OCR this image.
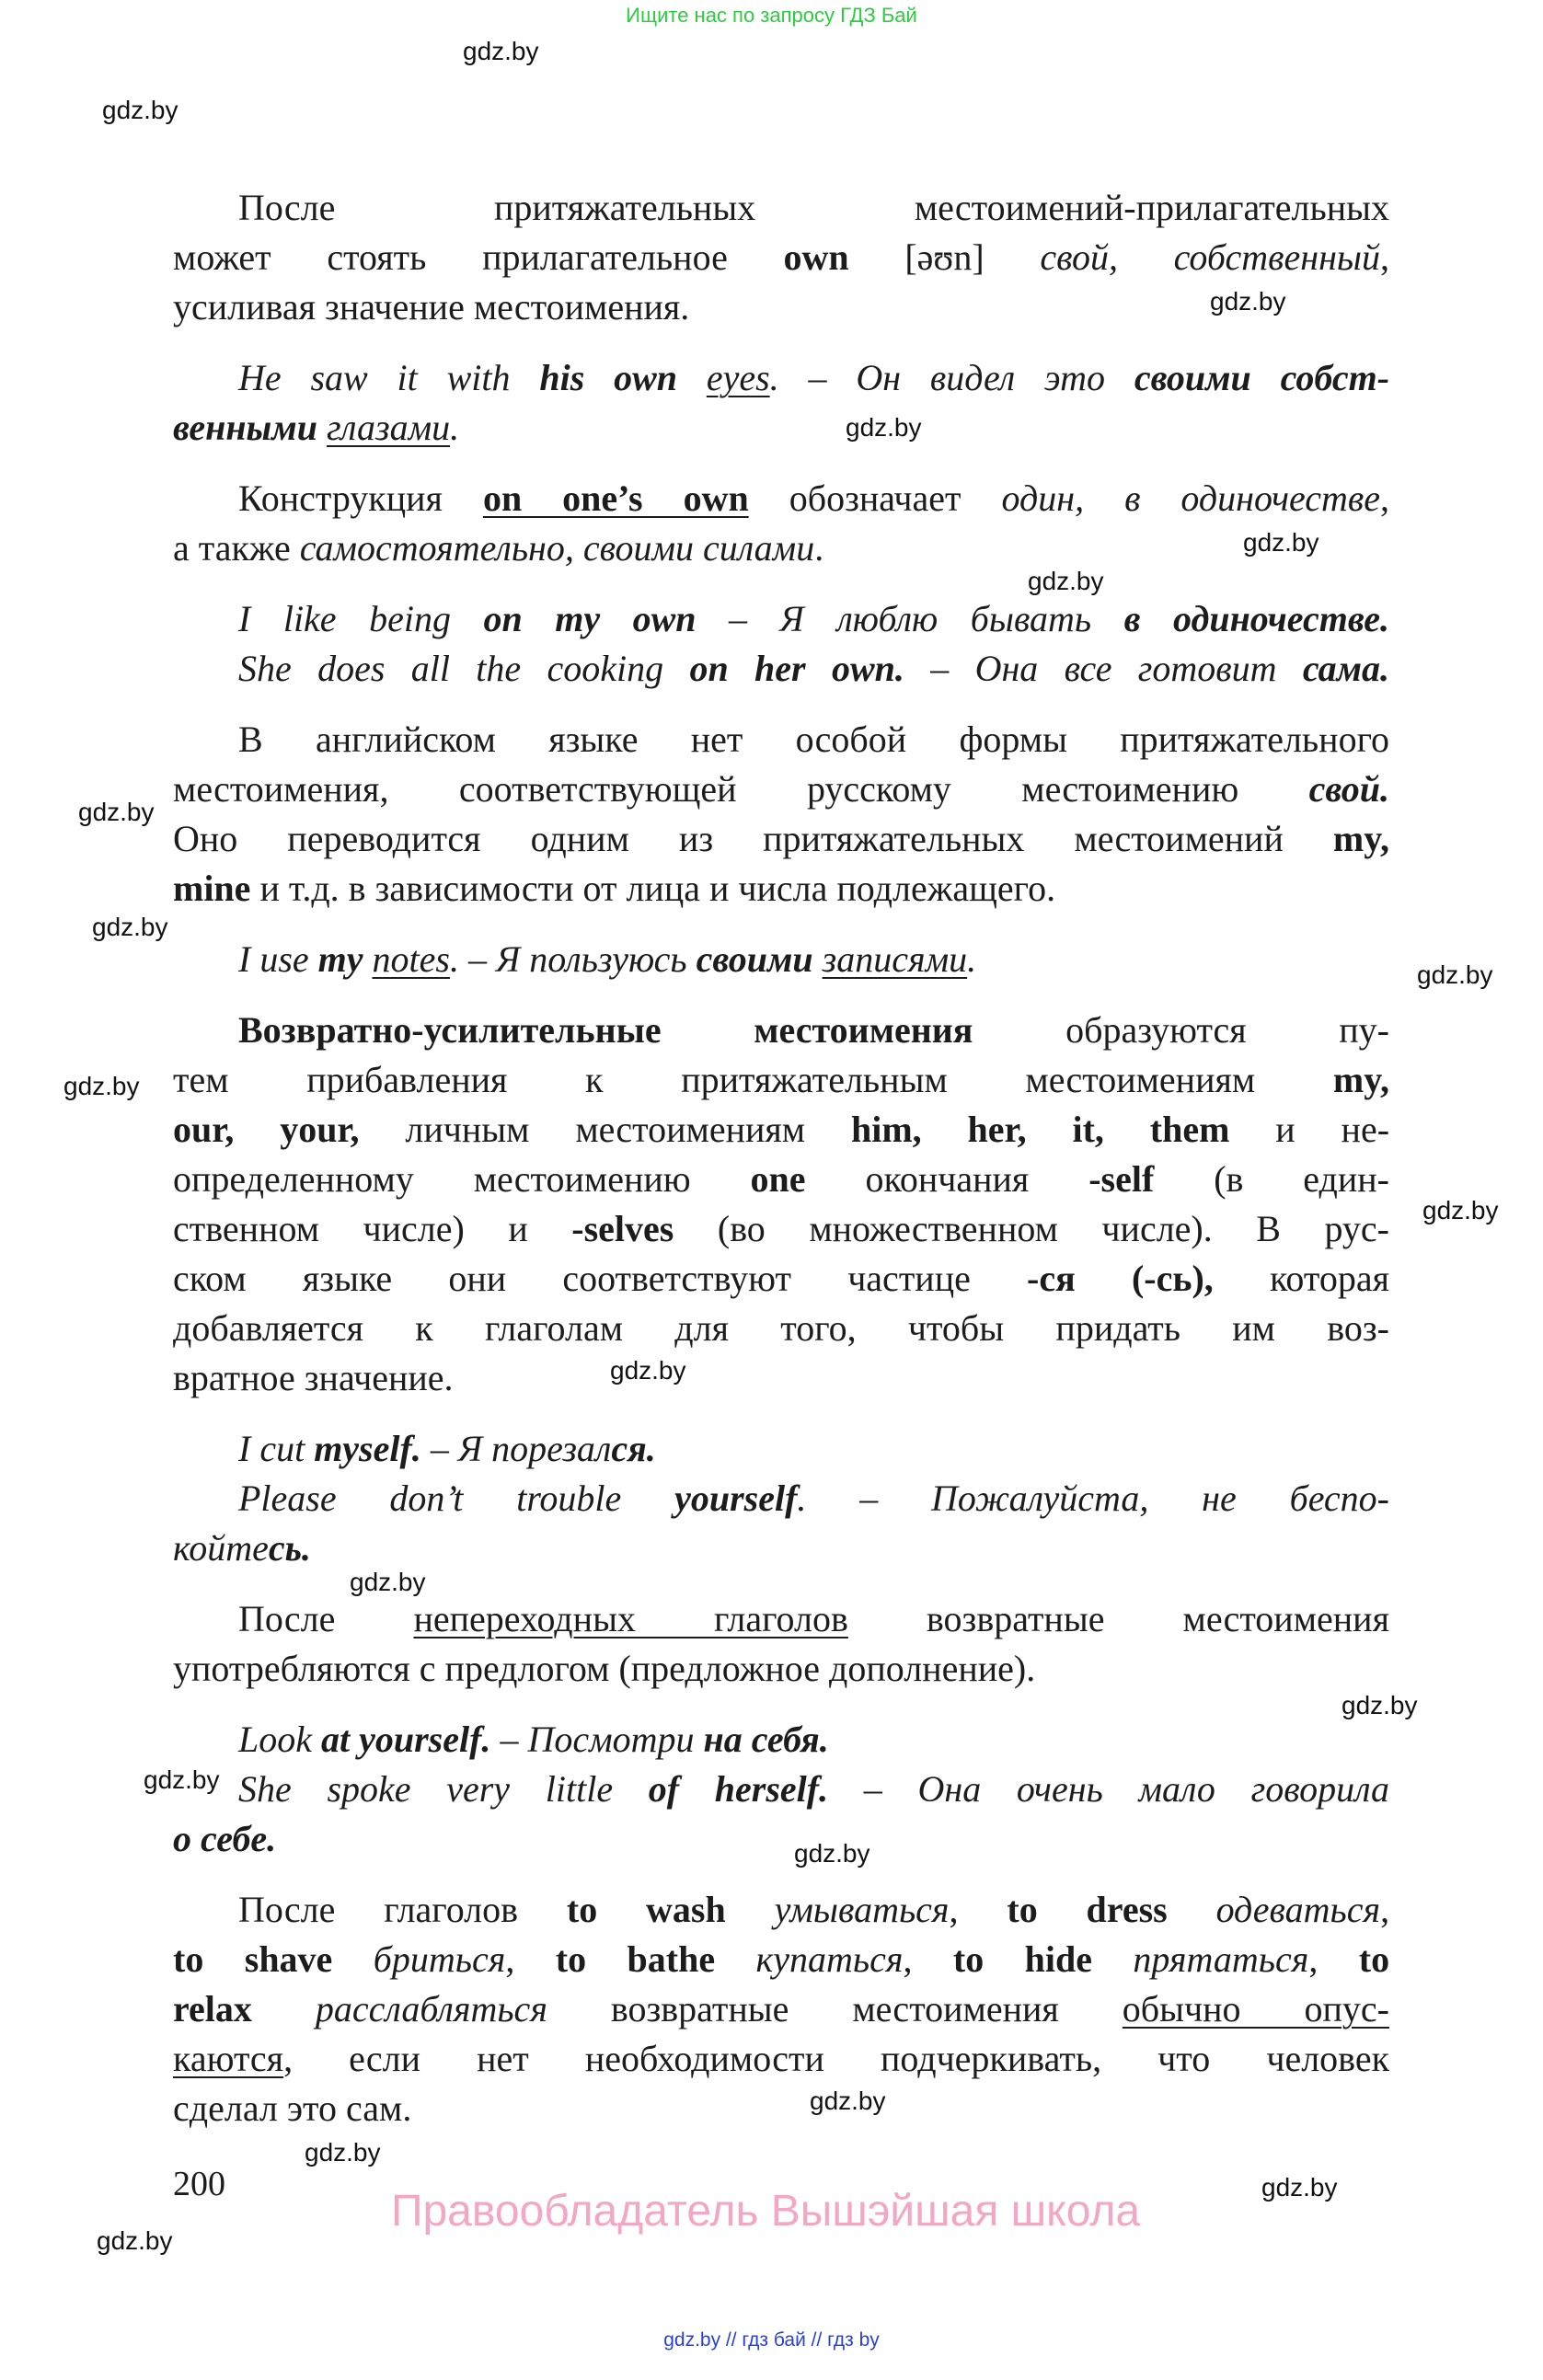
Ищите нас по запросу ГДЗ Бай
После притяжательных местоимений-прилагательных
может стоять прилагательное own [əʊn] свой, собственный,
усиливая значение местоимения.
He saw it with his own eyes. – Он видел это своими собст-
венными глазами.
Конструкция on one’s own обозначает один, в одиночестве,
а также самостоятельно, своими силами.
I like being on my own – Я люблю бывать в одиночестве.
She does all the cooking on her own. – Она все готовит сама.
В английском языке нет особой формы притяжательного
местоимения, соответствующей русскому местоимению свой.
Оно переводится одним из притяжательных местоимений my,
mine и т.д. в зависимости от лица и числа подлежащего.
I use my notes. – Я пользуюсь своими записями.
Возвратно-усилительные местоимения образуются пу-
тем прибавления к притяжательным местоимениям my,
our, your, личным местоимениям him, her, it, them и не-
определенному местоимению one окончания -self (в един-
ственном числе) и -selves (во множественном числе). В рус-
ском языке они соответствуют частице -ся (-сь), которая
добавляется к глаголам для того, чтобы придать им воз-
вратное значение.
I cut myself. – Я порезался.
Please don’t trouble yourself. – Пожалуйста, не беспо-
койтесь.
После непереходных глаголов возвратные местоимения
употребляются с предлогом (предложное дополнение).
Look at yourself. – Посмотри на себя.
She spoke very little of herself. – Она очень мало говорила
о себе.
После глаголов to wash умываться, to dress одеваться,
to shave бриться, to bathe купаться, to hide прятаться, to
relax расслабляться возвратные местоимения обычно опус-
каются, если нет необходимости подчеркивать, что человек
сделал это сам.
gdz.by
gdz.by
gdz.by
gdz.by
gdz.by
gdz.by
gdz.by
gdz.by
gdz.by
gdz.by
gdz.by
gdz.by
gdz.by
gdz.by
gdz.by
gdz.by
gdz.by
gdz.by
gdz.by
gdz.by
200
Правообладатель Вышэйшая школа
gdz.by // гдз бай // гдз by
